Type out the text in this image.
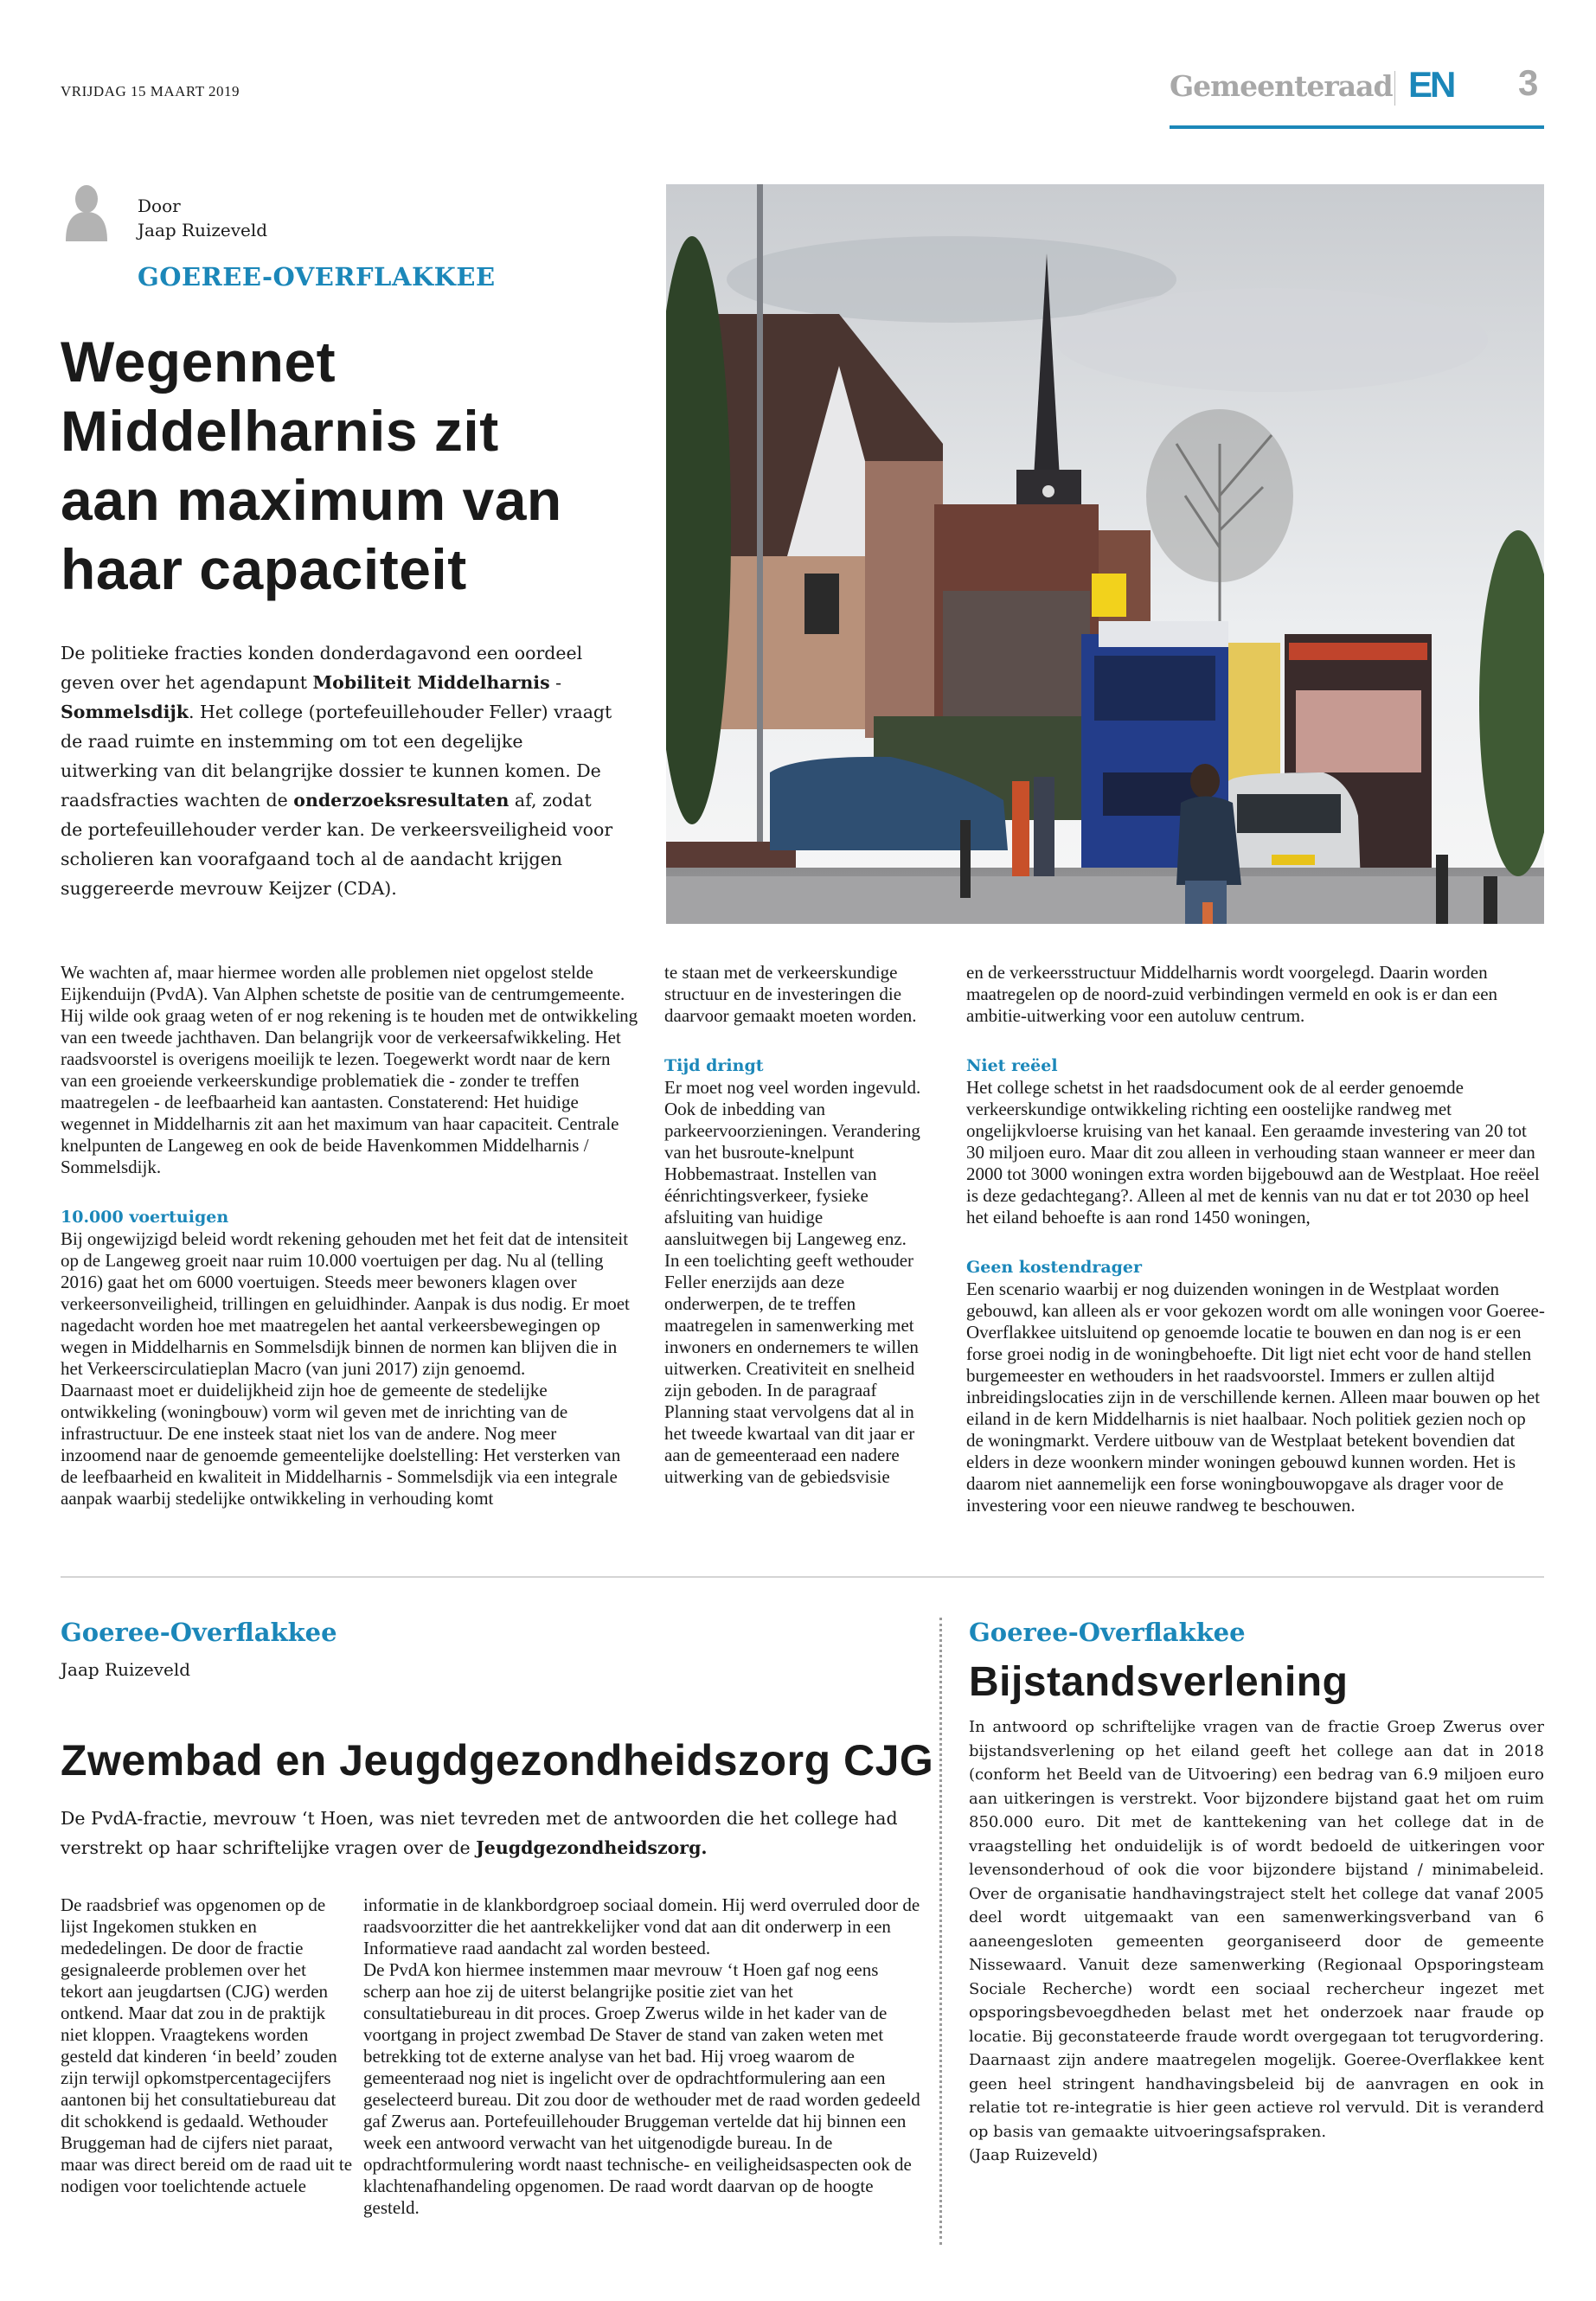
VRIJDAG 15 MAART 2019	Gemeenteraad EN 3
Door
Jaap Ruizeveld
GOEREE-OVERFLAKKEE
Wegennet
Middelharnis zit
aan maximum van
haar capaciteit

De politieke fracties konden donderdagavond een oordeel geven over het agendapunt Mobiliteit Middelharnis - Sommelsdijk. Het college (portefeuillehouder Feller) vraagt de raad ruimte en instemming om tot een degelijke uitwerking van dit belangrijke dossier te kunnen komen. De raadsfracties wachten de onderzoeksresultaten af, zodat de portefeuillehouder verder kan. De verkeersveiligheid voor scholieren kan voorafgaand toch al de aandacht krijgen suggereerde mevrouw Keijzer (CDA).

We wachten af, maar hiermee worden alle problemen niet opgelost stelde Eijkenduijn (PvdA). Van Alphen schetste de positie van de centrumgemeente. Hij wilde ook graag weten of er nog rekening is te houden met de ontwikkeling van een tweede jachthaven. Dan belangrijk voor de verkeersafwikkeling. Het raadsvoorstel is overigens moeilijk te lezen. Toegewerkt wordt naar de kern van een groeiende verkeerskundige problematiek die - zonder te treffen maatregelen - de leefbaarheid kan aantasten. Constaterend: Het huidige wegennet in Middelharnis zit aan het maximum van haar capaciteit. Centrale knelpunten de Langeweg en ook de beide Havenkommen Middelharnis / Sommelsdijk.

10.000 voertuigen

Bij ongewijzigd beleid wordt rekening gehouden met het feit dat de intensiteit op de Langeweg groeit naar ruim 10.000 voertuigen per dag. Nu al (telling 2016) gaat het om 6000 voertuigen. Steeds meer bewoners klagen over verkeersonveiligheid, trillingen en geluidhinder. Aanpak is dus nodig. Er moet nagedacht worden hoe met maatregelen het aantal verkeersbewegingen op wegen in Middelharnis en Sommelsdijk binnen de normen kan blijven die in het Verkeerscirculatieplan Macro (van juni 2017) zijn genoemd.

Daarnaast moet er duidelijkheid zijn hoe de gemeente de stedelijke ontwikkeling (woningbouw) vorm wil geven met de inrichting van de infrastructuur. De ene insteek staat niet los van de andere. Nog meer inzoomend naar de genoemde gemeentelijke doelstelling: Het versterken van de leefbaarheid en kwaliteit in Middelharnis - Sommelsdijk via een integrale aanpak waarbij stedelijke ontwikkeling in verhouding komt

te staan met de verkeerskundige structuur en de investeringen die daarvoor gemaakt moeten worden.

Tijd dringt

Er moet nog veel worden ingevuld. Ook de inbedding van parkeervoorzieningen. Verandering van het busroute-knelpunt Hobbemastraat. Instellen van éénrichtingsverkeer, fysieke afsluiting van huidige aansluitwegen bij Langeweg enz. In een toelichting geeft wethouder Feller enerzijds aan deze onderwerpen, de te treffen maatregelen in samenwerking met inwoners en ondernemers te willen uitwerken. Creativiteit en snelheid zijn geboden. In de paragraaf Planning staat vervolgens dat al in het tweede kwartaal van dit jaar er aan de gemeenteraad een nadere uitwerking van de gebiedsvisie

en de verkeersstructuur Middelharnis wordt voorgelegd. Daarin worden maatregelen op de noord-zuid verbindingen vermeld en ook is er dan een ambitie-uitwerking voor een autoluw centrum.

Niet reëel

Het college schetst in het raadsdocument ook de al eerder genoemde verkeerskundige ontwikkeling richting een oostelijke randweg met ongelijkvloerse kruising van het kanaal. Een geraamde investering van 20 tot 30 miljoen euro. Maar dit zou alleen in verhouding staan wanneer er meer dan 2000 tot 3000 woningen extra worden bijgebouwd aan de Westplaat. Hoe reëel is deze gedachtegang?. Alleen al met de kennis van nu dat er tot 2030 op heel het eiland behoefte is aan rond 1450 woningen,

Geen kostendrager

Een scenario waarbij er nog duizenden woningen in de Westplaat worden gebouwd, kan alleen als er voor gekozen wordt om alle woningen voor Goeree-Overflakkee uitsluitend op genoemde locatie te bouwen en dan nog is er een forse groei nodig in de woningbehoefte. Dit ligt niet echt voor de hand stellen burgemeester en wethouders in het raadsvoorstel. Immers er zullen altijd inbreidingslocaties zijn in de verschillende kernen. Alleen maar bouwen op het eiland in de kern Middelharnis is niet haalbaar. Noch politiek gezien noch op de woningmarkt. Verdere uitbouw van de Westplaat betekent bovendien dat elders in deze woonkern minder woningen gebouwd kunnen worden. Het is daarom niet aannemelijk een forse woningbouwopgave als drager voor de investering voor een nieuwe randweg te beschouwen.

Goeree-Overflakkee
Jaap Ruizeveld
Zwembad en Jeugdgezondheidszorg CJG

De PvdA-fractie, mevrouw ‘t Hoen, was niet tevreden met de antwoorden die het college had verstrekt op haar schriftelijke vragen over de Jeugdgezondheidszorg.

De raadsbrief was opgenomen op de lijst Ingekomen stukken en mededelingen. De door de fractie gesignaleerde problemen over het tekort aan jeugdartsen (CJG) werden ontkend. Maar dat zou in de praktijk niet kloppen. Vraagtekens worden gesteld dat kinderen ‘in beeld’ zouden zijn terwijl opkomstpercentagecijfers aantonen bij het consultatiebureau dat dit schokkend is gedaald. Wethouder Bruggeman had de cijfers niet paraat, maar was direct bereid om de raad uit te nodigen voor toelichtende actuele

informatie in de klankbordgroep sociaal domein. Hij werd overruled door de raadsvoorzitter die het aantrekkelijker vond dat aan dit onderwerp in een Informatieve raad aandacht zal worden besteed.

De PvdA kon hiermee instemmen maar mevrouw ‘t Hoen gaf nog eens scherp aan hoe zij de uiterst belangrijke positie ziet van het consultatiebureau in dit proces. Groep Zwerus wilde in het kader van de voortgang in project zwembad De Staver de stand van zaken weten met betrekking tot de externe analyse van het bad. Hij vroeg waarom de gemeenteraad nog niet is ingelicht over de opdrachtformulering aan een geselecteerd bureau. Dit zou door de wethouder met de raad worden gedeeld gaf Zwerus aan. Portefeuillehouder Bruggeman vertelde dat hij binnen een week een antwoord verwacht van het uitgenodigde bureau. In de opdrachtformulering wordt naast technische- en veiligheidsaspecten ook de klachtenafhandeling opgenomen. De raad wordt daarvan op de hoogte gesteld.

Goeree-Overflakkee
Bijstandsverlening
In antwoord op schriftelijke vragen van de fractie Groep Zwerus over bijstandsverlening op het eiland geeft het college aan dat in 2018 (conform het Beeld van de Uitvoering) een bedrag van 6.9 miljoen euro aan uitkeringen is verstrekt. Voor bijzondere bijstand gaat het om ruim 850.000 euro. Dit met de kanttekening van het college dat in de vraagstelling het onduidelijk is of wordt bedoeld de uitkeringen voor levensonderhoud of ook die voor bijzondere bijstand / minimabeleid. Over de organisatie handhavingstraject stelt het college dat vanaf 2005 deel wordt uitgemaakt van een samenwerkingsverband van 6 aaneengesloten gemeenten georganiseerd door de gemeente Nissewaard. Vanuit deze samenwerking (Regionaal Opsporingsteam Sociale Recherche) wordt een sociaal rechercheur ingezet met opsporingsbevoegdheden belast met het onderzoek naar fraude op locatie. Bij geconstateerde fraude wordt overgegaan tot terugvordering. Daarnaast zijn andere maatregelen mogelijk. Goeree-Overflakkee kent geen heel stringent handhavingsbeleid bij de aanvragen en ook in relatie tot re-integratie is hier geen actieve rol vervuld. Dit is veranderd op basis van gemaakte uitvoeringsafspraken.
(Jaap Ruizeveld)
